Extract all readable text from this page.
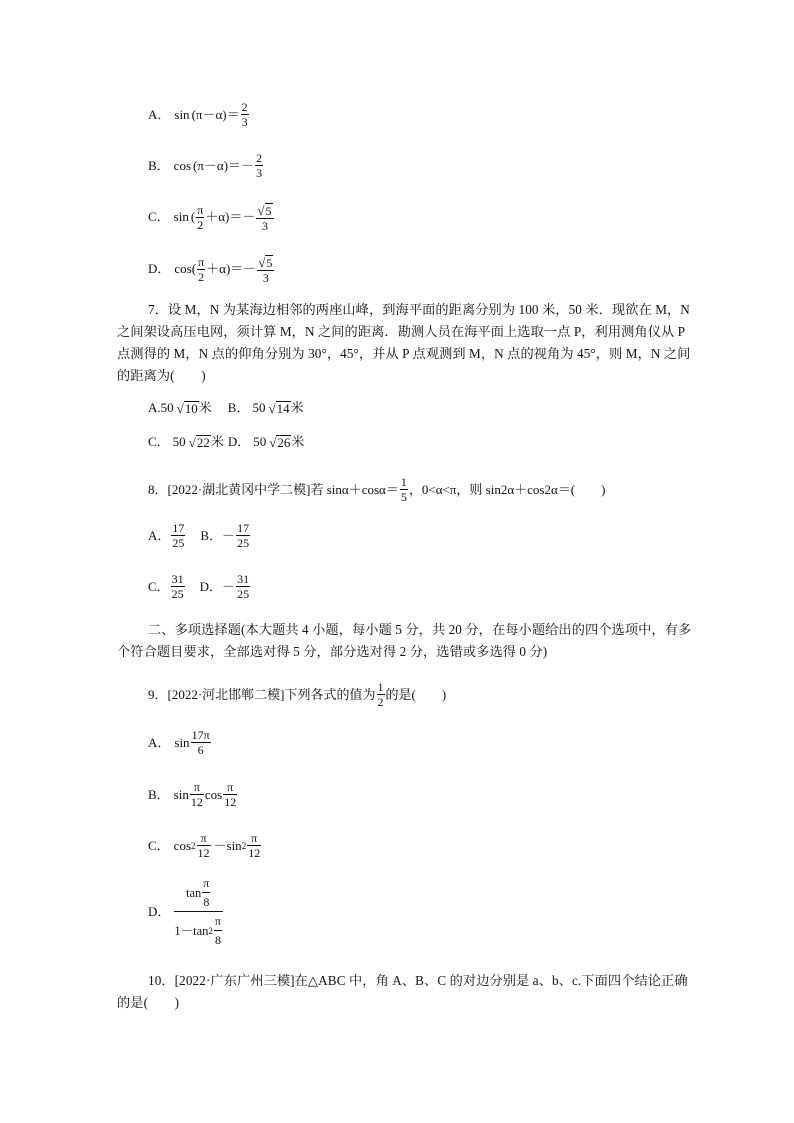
A． $\sin (\pi-\alpha)= \frac{2}{3}$
B． $\cos (\pi-\alpha)=- \frac{2}{3}$
C． sin ( $\frac{\pi}{2} +\alpha)=- \frac{√ 5}{3}$
D． cos ( $\frac{\pi}{2} +\alpha)=- \frac{√ 5}{3}$
7．设 M，N 为某海边相邻的两座山峰，到海平面的距离分别为 100 米，50 米．现欲在 M，N 之间架设高压电网，须计算 M，N 之间的距离．勘测人员在海平面上选取一点 P，利用测角仪从 P 点测得的 M，N 点的仰角分别为 30°，45°，并从 P 点观测到 M，N 点的视角为 45°，则 M，N 之间的距离为(　　)
A. 50 √ 10 米 B． 50 √ 14 米
C． 50 √ 22 米 D． 50 √ 26 米
8．[2022·湖北黄冈中学二模]若 $\sin\alpha+\cos\alpha= \frac{1}{5}$ ，0<α<π，则 sin2α＋cos2α＝(　　)
A． $\frac{17}{25}$ B．－ $\frac{17}{25}$
C． $\frac{31}{25}$ D．－ $\frac{31}{25}$
二、多项选择题(本大题共 4 小题，每小题 5 分，共 20 分，在每小题给出的四个选项中，有多个符合题目要求，全部选对得 5 分，部分选对得 2 分，选错或多选得 0 分)
9．[2022·河北邯郸二模]下列各式的值为 $\frac{1}{2}$ 的是(　　)
A． $\sin \frac{17\pi}{6}$
B． $\sin \frac{\pi}{12}$ $\cos \frac{\pi}{12}$
C． $\cos 2 \frac{\pi}{12} -\sin$ $2 \frac{\pi}{12}$
D． $\frac{\tan \frac{\pi}{8}}{1-\tan 2 \frac{\pi}{8}}$
10．[2022·广东广州三模]在△ABC 中，角 A、B、C 的对边分别是 a、b、c.下面四个结论正确的是(　　)
